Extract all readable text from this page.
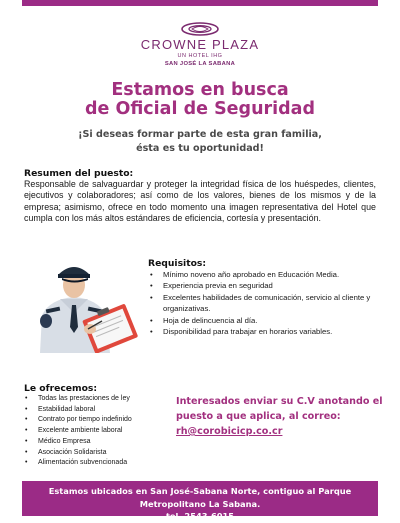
CROWNE PLAZA
UN HOTEL IHG
SAN JOSÉ LA SABANA
Estamos en busca
de Oficial de Seguridad
¡Si deseas formar parte de esta gran familia,
ésta es tu oportunidad!
Resumen del puesto:
Responsable de salvaguardar y proteger la integridad física de los huéspedes, clientes, ejecutivos y colaboradores; así como de los valores, bienes de los mismos y de la empresa; asimismo, ofrece en todo momento una imagen representativa del Hotel que cumpla con los más altos estándares de eficiencia, cortesía y presentación.
Requisitos:
• Mínimo noveno año aprobado en Educación Media.
• Experiencia previa en seguridad
• Excelentes habilidades de comunicación, servicio al cliente y organizativas.
• Hoja de delincuencia al día.
• Disponibilidad para trabajar en horarios variables.
Le ofrecemos:
• Todas las prestaciones de ley
• Estabilidad laboral
• Contrato por tiempo indefinido
• Excelente ambiente laboral
• Médico Empresa
• Asociación Solidarista
• Alimentación subvencionada
Interesados enviar su C.V anotando el puesto a que aplica, al correo:
rh@corobicicp.co.cr
Estamos ubicados en San José-Sabana Norte, contiguo al Parque
Metropolitano La Sabana.
tel. 2543-6015
